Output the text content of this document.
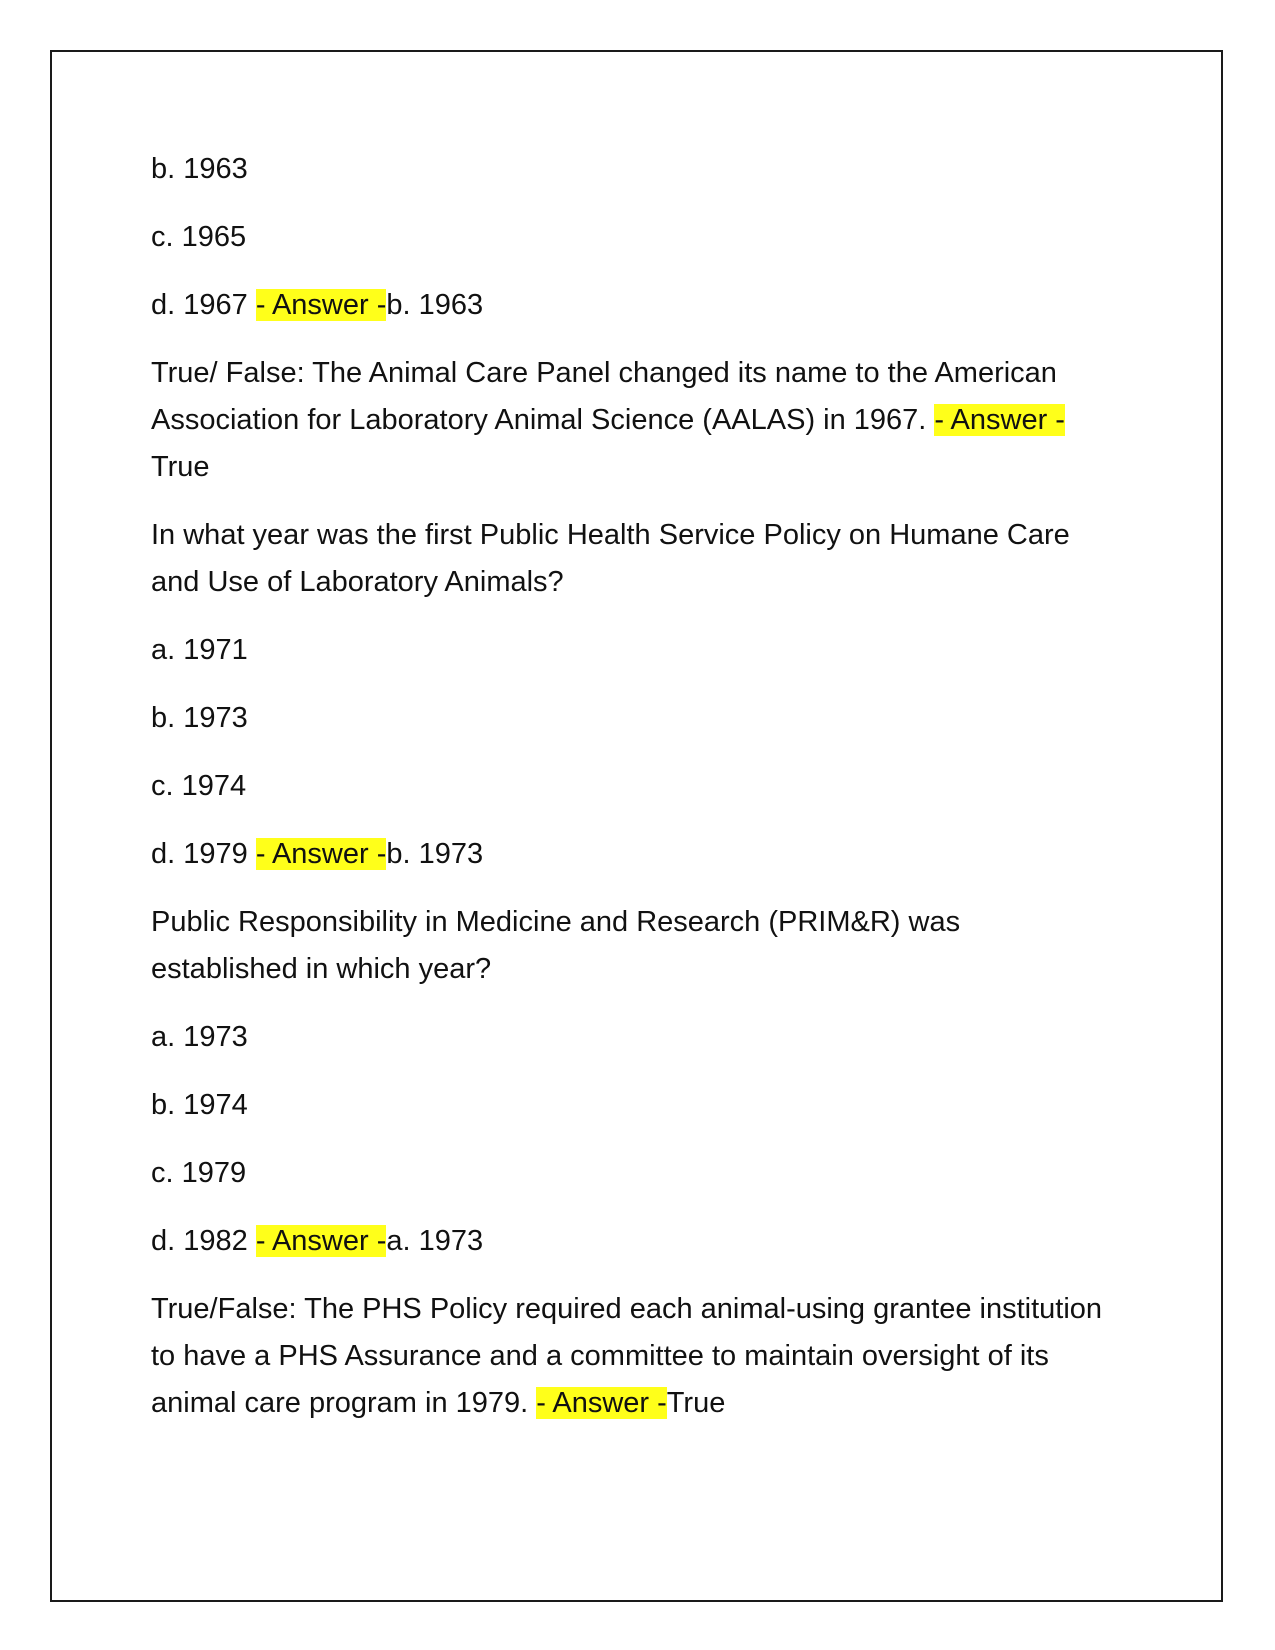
b. 1963

c. 1965

d. 1967 - Answer -b. 1963

True/ False: The Animal Care Panel changed its name to the American Association for Laboratory Animal Science (AALAS) in 1967. - Answer - True

In what year was the first Public Health Service Policy on Humane Care and Use of Laboratory Animals?

a. 1971

b. 1973

c. 1974

d. 1979 - Answer -b. 1973

Public Responsibility in Medicine and Research (PRIM&R) was established in which year?

a. 1973

b. 1974

c. 1979

d. 1982 - Answer -a. 1973

True/False: The PHS Policy required each animal-using grantee institution to have a PHS Assurance and a committee to maintain oversight of its animal care program in 1979. - Answer -True
